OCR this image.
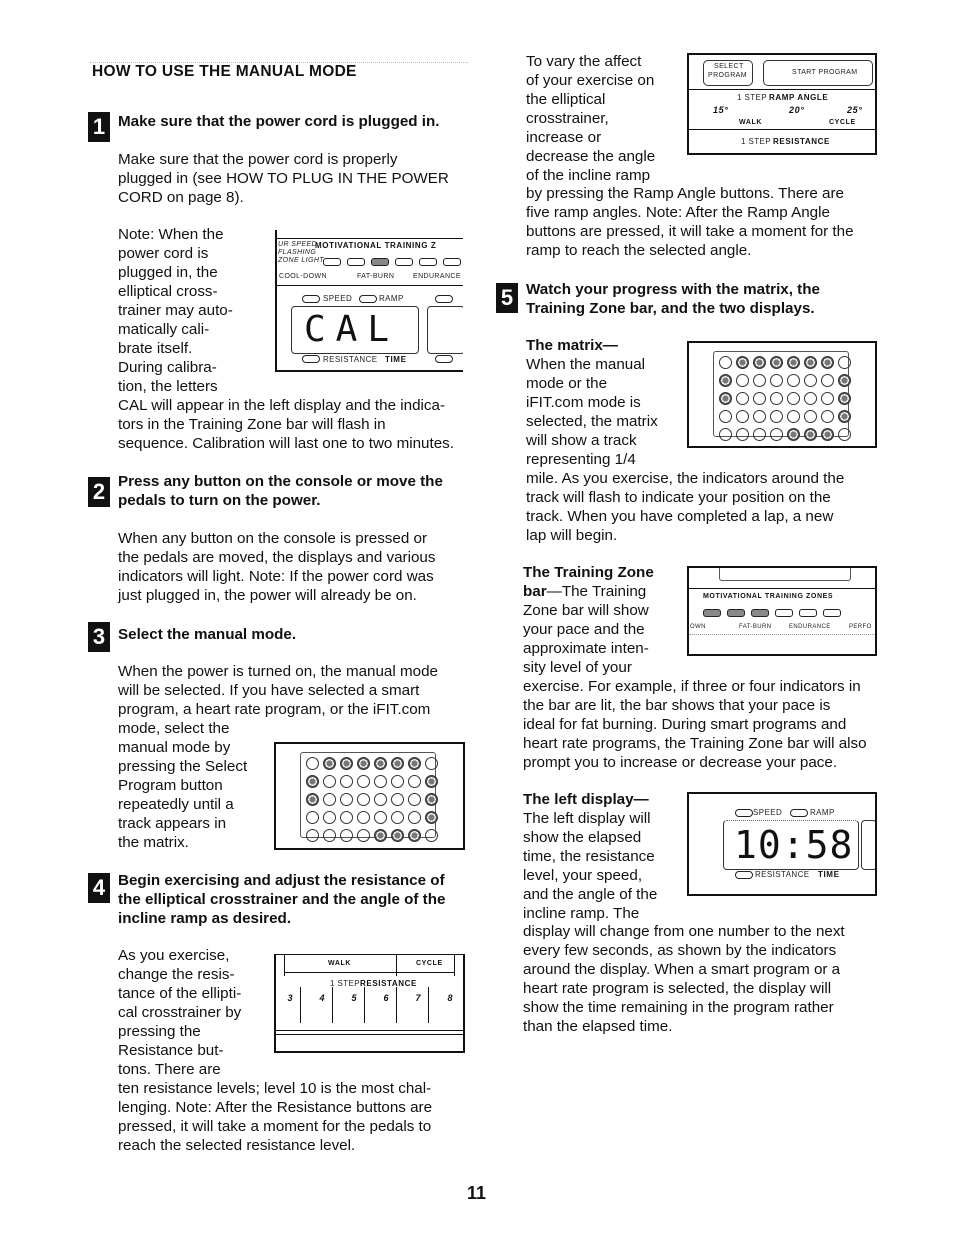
HOW TO USE THE MANUAL MODE
1 Make sure that the power cord is plugged in.
Make sure that the power cord is properly
plugged in (see HOW TO PLUG IN THE POWER
CORD on page 8).
Note: When the
power cord is
plugged in, the
elliptical cross-
trainer may auto-
matically cali-
brate itself.
During calibra-
tion, the letters
CAL will appear in the left display and the indica-
tors in the Training Zone bar will flash in
sequence. Calibration will last one to two minutes.
UR SPEED
MOTIVATIONAL TRAINING Z
FLASHING
ZONE LIGHT
COOL-DOWN	FAT-BURN	ENDURANCE
SPEED	RAMP
CAL
RESISTANCE TIME
2 Press any button on the console or move the
pedals to turn on the power.
When any button on the console is pressed or
the pedals are moved, the displays and various
indicators will light. Note: If the power cord was
just plugged in, the power will already be on.
3 Select the manual mode.
When the power is turned on, the manual mode
will be selected. If you have selected a smart
program, a heart rate program, or the iFIT.com
mode, select the
manual mode by
pressing the Select
Program button
repeatedly until a
track appears in
the matrix.
4 Begin exercising and adjust the resistance of
the elliptical crosstrainer and the angle of the
incline ramp as desired.
As you exercise,
change the resis-
tance of the ellipti-
cal crosstrainer by
pressing the
Resistance but-
tons. There are
ten resistance levels; level 10 is the most chal-
lenging. Note: After the Resistance buttons are
pressed, it will take a moment for the pedals to
reach the selected resistance level.
WALK	CYCLE
1 STEP RESISTANCE
3	4	5	6	7	8
To vary the affect
of your exercise on
the elliptical
crosstrainer,
increase or
decrease the angle
of the incline ramp
by pressing the Ramp Angle buttons. There are
five ramp angles. Note: After the Ramp Angle
buttons are pressed, it will take a moment for the
ramp to reach the selected angle.
SELECT
PROGRAM	START PROGRAM
1 STEP RAMP ANGLE
15°	20°	25°
WALK	CYCLE
1 STEP RESISTANCE
5 Watch your progress with the matrix, the
Training Zone bar, and the two displays.
The matrix—
When the manual
mode or the
iFIT.com mode is
selected, the matrix
will show a track
representing 1/4
mile. As you exercise, the indicators around the
track will flash to indicate your position on the
track. When you have completed a lap, a new
lap will begin.
The Training Zone
bar—The Training
Zone bar will show
your pace and the
approximate inten-
sity level of your
exercise. For example, if three or four indicators in
the bar are lit, the bar shows that your pace is
ideal for fat burning. During smart programs and
heart rate programs, the Training Zone bar will also
prompt you to increase or decrease your pace.
MOTIVATIONAL TRAINING ZONES
OWN	FAT-BURN	ENDURANCE	PERFO
The left display—
The left display will
show the elapsed
time, the resistance
level, your speed,
and the angle of the
incline ramp. The
display will change from one number to the next
every few seconds, as shown by the indicators
around the display. When a smart program or a
heart rate program is selected, the display will
show the time remaining in the program rather
than the elapsed time.
SPEED	RAMP
10:58
RESISTANCE TIME
11
